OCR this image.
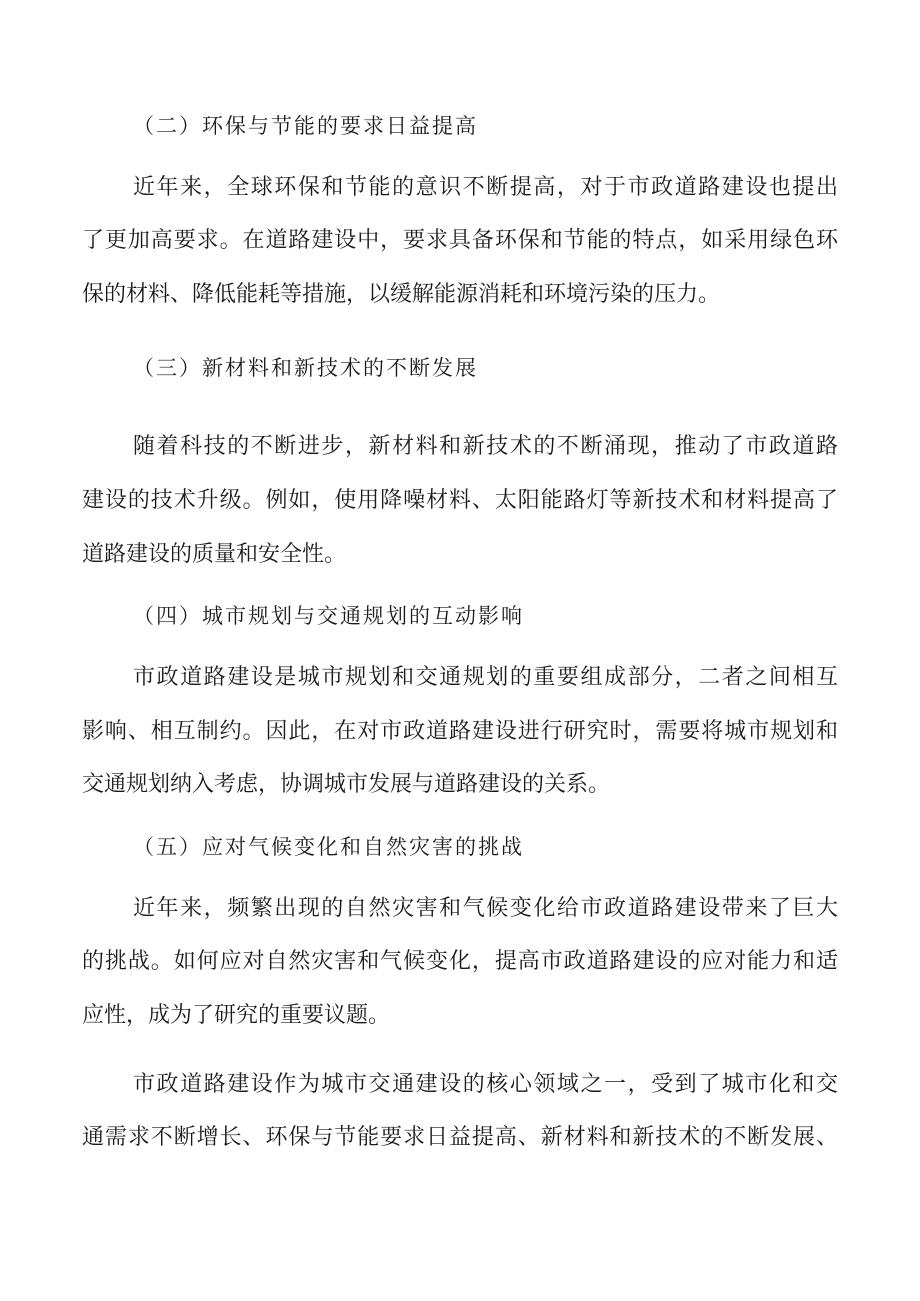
（二）环保与节能的要求日益提高
近年来，全球环保和节能的意识不断提高，对于市政道路建设也提出
了更加高要求。在道路建设中，要求具备环保和节能的特点，如采用绿色环
保的材料、降低能耗等措施，以缓解能源消耗和环境污染的压力。
（三）新材料和新技术的不断发展
随着科技的不断进步，新材料和新技术的不断涌现，推动了市政道路
建设的技术升级。例如，使用降噪材料、太阳能路灯等新技术和材料提高了
道路建设的质量和安全性。
（四）城市规划与交通规划的互动影响
市政道路建设是城市规划和交通规划的重要组成部分，二者之间相互
影响、相互制约。因此，在对市政道路建设进行研究时，需要将城市规划和
交通规划纳入考虑，协调城市发展与道路建设的关系。
（五）应对气候变化和自然灾害的挑战
近年来，频繁出现的自然灾害和气候变化给市政道路建设带来了巨大
的挑战。如何应对自然灾害和气候变化，提高市政道路建设的应对能力和适
应性，成为了研究的重要议题。
市政道路建设作为城市交通建设的核心领域之一，受到了城市化和交
通需求不断增长、环保与节能要求日益提高、新材料和新技术的不断发展、
